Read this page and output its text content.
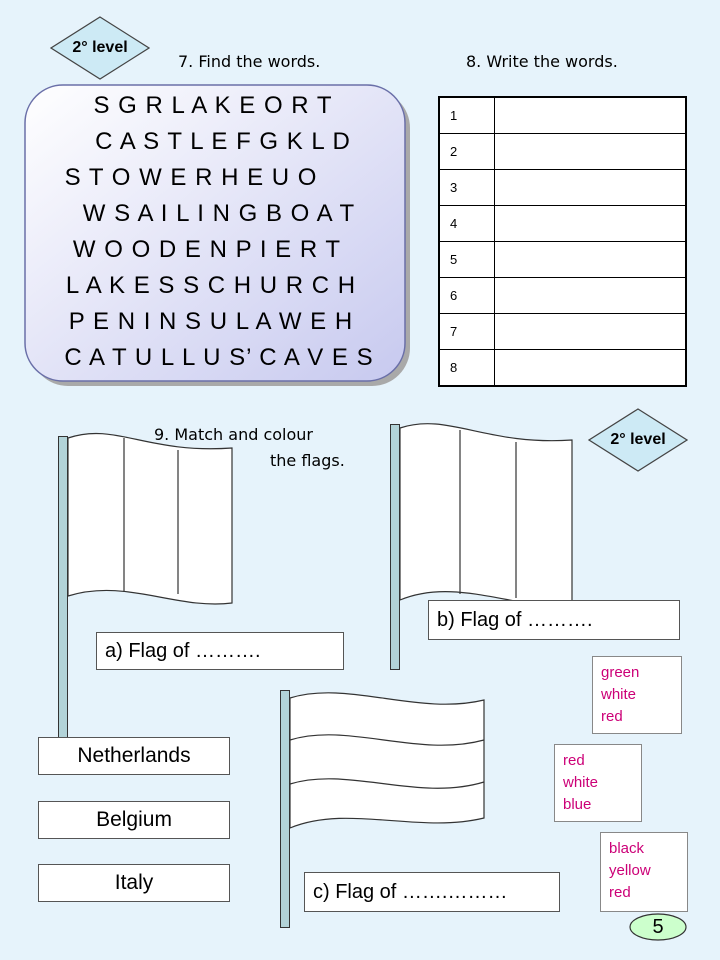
2° level
7. Find the words.	8. Write the words.
S G R L A K E O R T
C A S T L E F G K L D
S T O W E R H E U O
W S A I L I N G B O A T
W O O D E N P I E R T
L A K E S S C H U R C H
P E N I N S U L A W E H
C A T U L L U S’ C A V E S
1	
2	
3	
4	
5	
6	
7	
8	
9. Match and colour
the flags.
2° level
a) Flag of ……….
b) Flag of ……….
c) Flag of …….………
Netherlands
Belgium
Italy
green
white
red
red
white
blue
black
yellow
red
5
